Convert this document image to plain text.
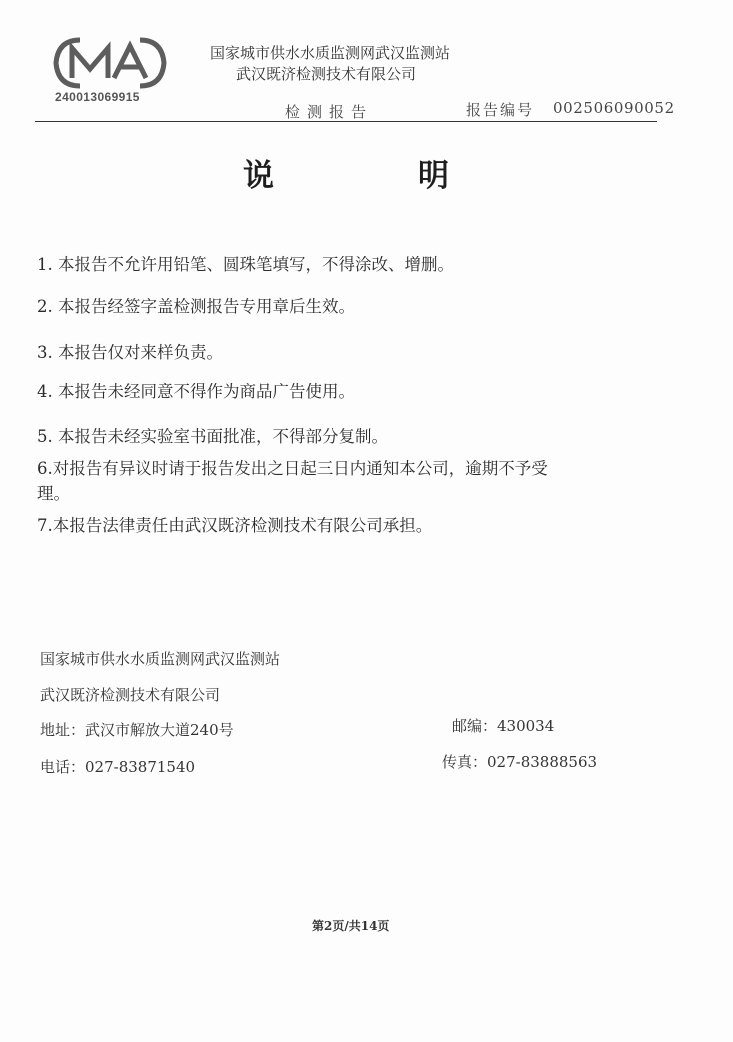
240013069915
国家城市供水水质监测网武汉监测站
武汉既济检测技术有限公司
检测报告	报告编号 002506090052
说	明
1. 本报告不允许用铅笔、圆珠笔填写，不得涂改、增删。
2. 本报告经签字盖检测报告专用章后生效。
3. 本报告仅对来样负责。
4. 本报告未经同意不得作为商品广告使用。
5. 本报告未经实验室书面批准，不得部分复制。
6.对报告有异议时请于报告发出之日起三日内通知本公司，逾期不予受
理。
7.本报告法律责任由武汉既济检测技术有限公司承担。
国家城市供水水质监测网武汉监测站
武汉既济检测技术有限公司
地址：武汉市解放大道240号
电话：027-83871540
邮编：430034
传真：027-83888563
第2页/共14页
